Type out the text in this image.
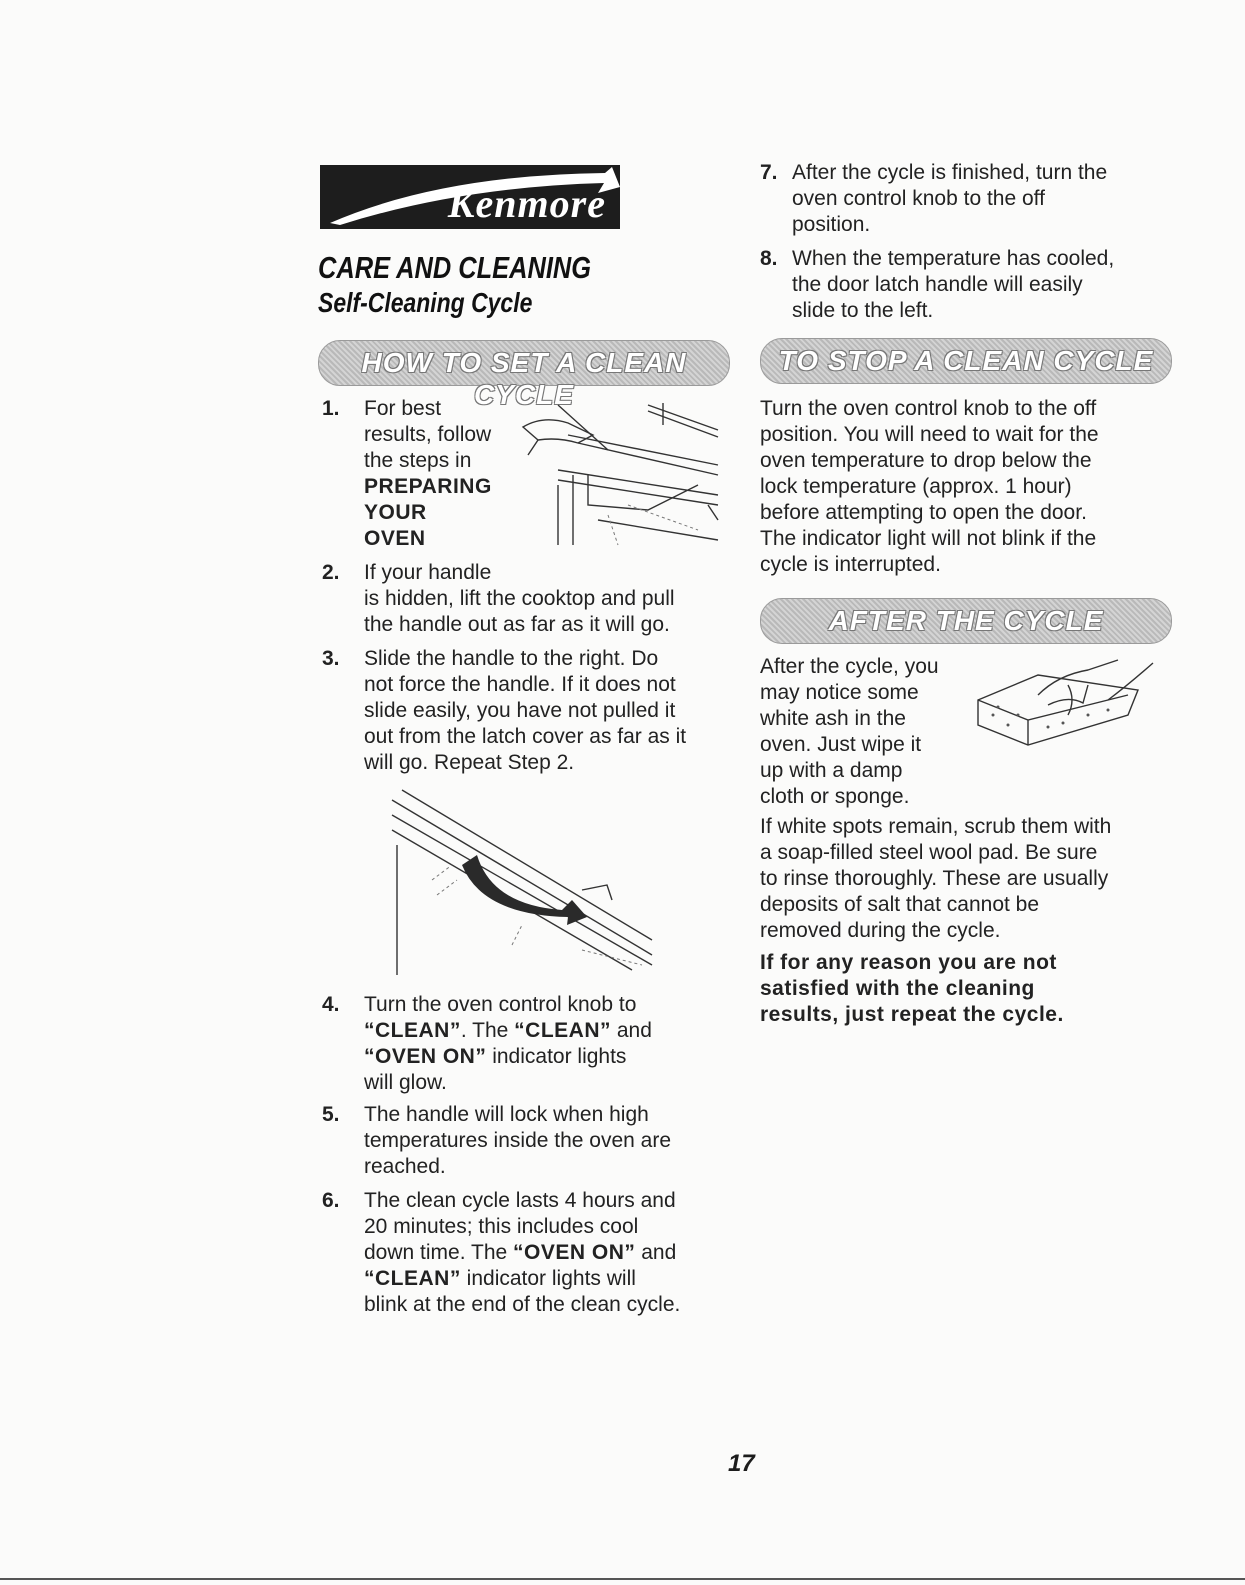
Kenmore
CARE AND CLEANING
Self-Cleaning Cycle
HOW TO SET A CLEAN CYCLE
1. For best
results, follow
the steps in
PREPARING
YOUR
OVEN
2. If your handle
is hidden, lift the cooktop and pull
the handle out as far as it will go.
3. Slide the handle to the right. Do
not force the handle. If it does not
slide easily, you have not pulled it
out from the latch cover as far as it
will go. Repeat Step 2.
4. Turn the oven control knob to
“CLEAN”. The “CLEAN” and
“OVEN ON” indicator lights
will glow.
5. The handle will lock when high
temperatures inside the oven are
reached.
6. The clean cycle lasts 4 hours and
20 minutes; this includes cool
down time. The “OVEN ON” and
“CLEAN” indicator lights will
blink at the end of the clean cycle.
7. After the cycle is finished, turn the
oven control knob to the off
position.
8. When the temperature has cooled,
the door latch handle will easily
slide to the left.
TO STOP A CLEAN CYCLE
Turn the oven control knob to the off
position. You will need to wait for the
oven temperature to drop below the
lock temperature (approx. 1 hour)
before attempting to open the door.
The indicator light will not blink if the
cycle is interrupted.
AFTER THE CYCLE
After the cycle, you
may notice some
white ash in the
oven. Just wipe it
up with a damp
cloth or sponge.
If white spots remain, scrub them with
a soap-filled steel wool pad. Be sure
to rinse thoroughly. These are usually
deposits of salt that cannot be
removed during the cycle.
If for any reason you are not
satisfied with the cleaning
results, just repeat the cycle.
17
